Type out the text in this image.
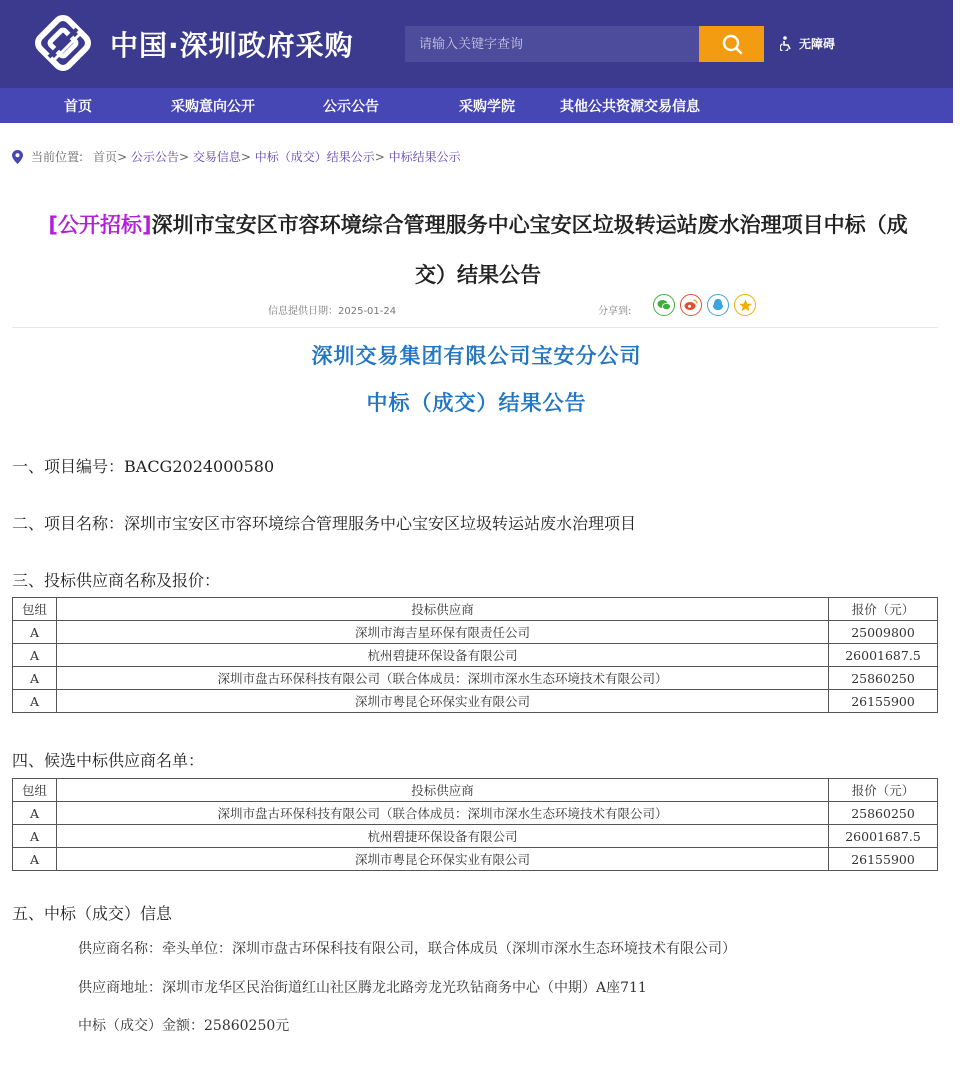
中国·深圳政府采购
请输入关键字查询	无障碍
首页	采购意向公开	公示公告	采购学院	其他公共资源交易信息
当前位置: 首页 > 公示公告 > 交易信息 > 中标（成交）结果公示 > 中标结果公示
[公开招标]深圳市宝安区市容环境综合管理服务中心宝安区垃圾转运站废水治理项目中标（成
交）结果公告
信息提供日期：2025-01-24	分享到:
深圳交易集团有限公司宝安分公司
中标（成交）结果公告
一、项目编号：BACG2024000580
二、项目名称：深圳市宝安区市容环境综合管理服务中心宝安区垃圾转运站废水治理项目
三、投标供应商名称及报价：
包组	投标供应商	报价（元）
A	深圳市海吉星环保有限责任公司	25009800
A	杭州碧捷环保设备有限公司	26001687.5
A	深圳市盘古环保科技有限公司（联合体成员：深圳市深水生态环境技术有限公司）	25860250
A	深圳市粤昆仑环保实业有限公司	26155900
四、候选中标供应商名单：
包组	投标供应商	报价（元）
A	深圳市盘古环保科技有限公司（联合体成员：深圳市深水生态环境技术有限公司）	25860250
A	杭州碧捷环保设备有限公司	26001687.5
A	深圳市粤昆仑环保实业有限公司	26155900
五、中标（成交）信息
供应商名称：牵头单位：深圳市盘古环保科技有限公司，联合体成员（深圳市深水生态环境技术有限公司）
供应商地址：深圳市龙华区民治街道红山社区腾龙北路旁龙光玖钻商务中心（中期）A座711
中标（成交）金额：25860250元
